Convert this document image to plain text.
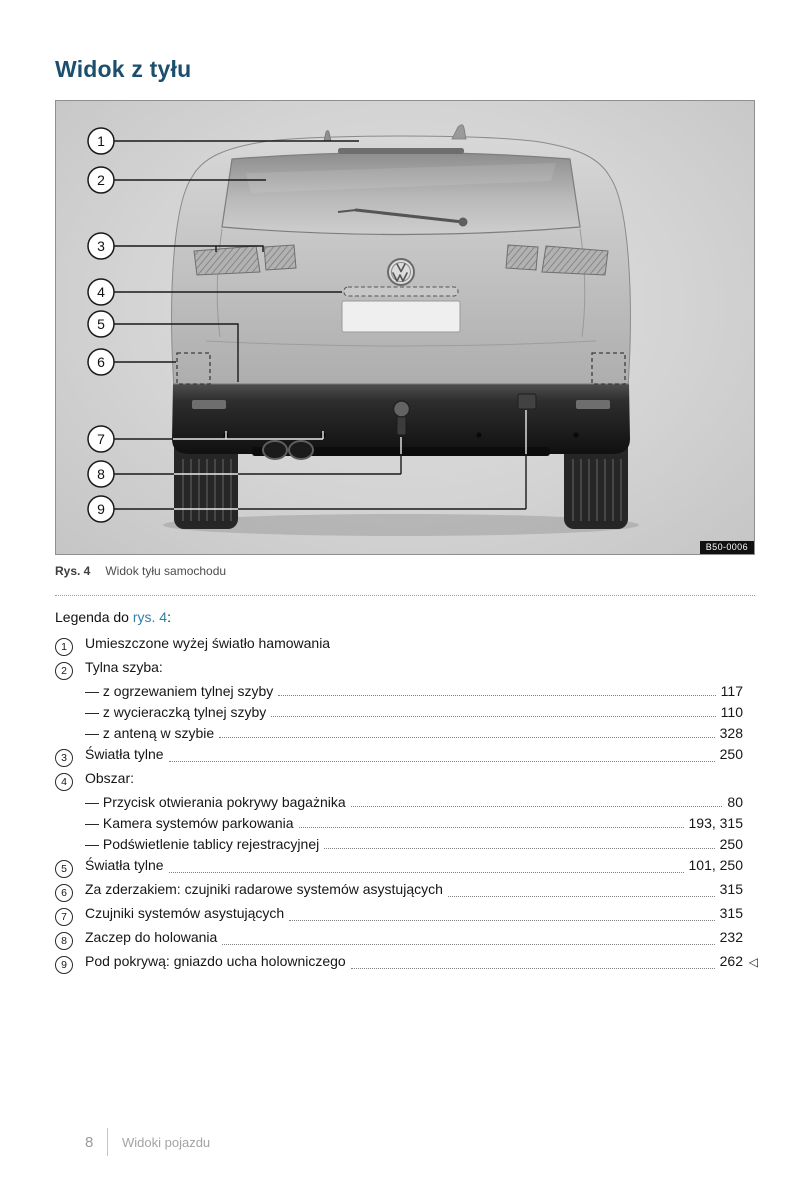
Widok z tyłu
1
2
3
4
5
6
7
8
9
B50-0006
Rys. 4 Widok tyłu samochodu
Legenda do rys. 4:
1	Umieszczone wyżej światło hamowania
2	Tylna szyba:
— z ogrzewaniem tylnej szyby	117
— z wycieraczką tylnej szyby	110
— z anteną w szybie	328
3	Światła tylne	250
4	Obszar:
— Przycisk otwierania pokrywy bagażnika	80
— Kamera systemów parkowania	193, 315
— Podświetlenie tablicy rejestracyjnej	250
5	Światła tylne	101, 250
6	Za zderzakiem: czujniki radarowe systemów asystujących	315
7	Czujniki systemów asystujących	315
8	Zaczep do holowania	232
9	Pod pokrywą: gniazdo ucha holowniczego	262 ◁
8	Widoki pojazdu
